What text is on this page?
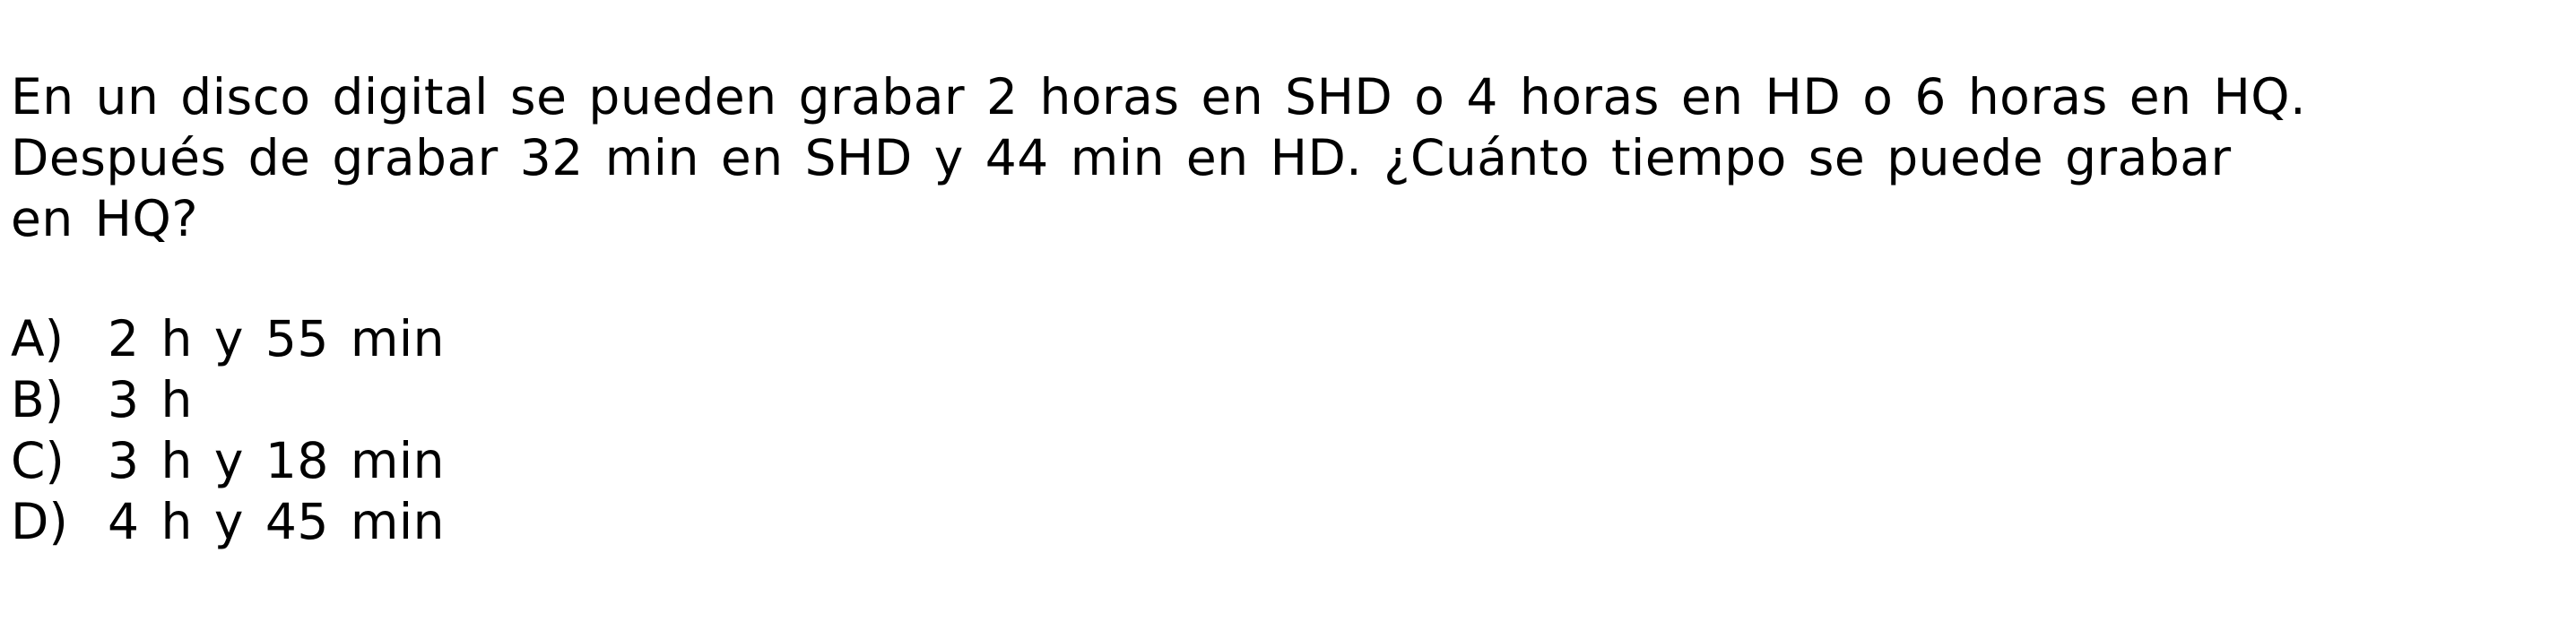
En un disco digital se pueden grabar 2 horas en SHD o 4 horas en HD o 6 horas en HQ.
Después de grabar 32 min en SHD y 44 min en HD. ¿Cuánto tiempo se puede grabar
en HQ?
A) 2 h y 55 min
B) 3 h
C) 3 h y 18 min
D) 4 h y 45 min
